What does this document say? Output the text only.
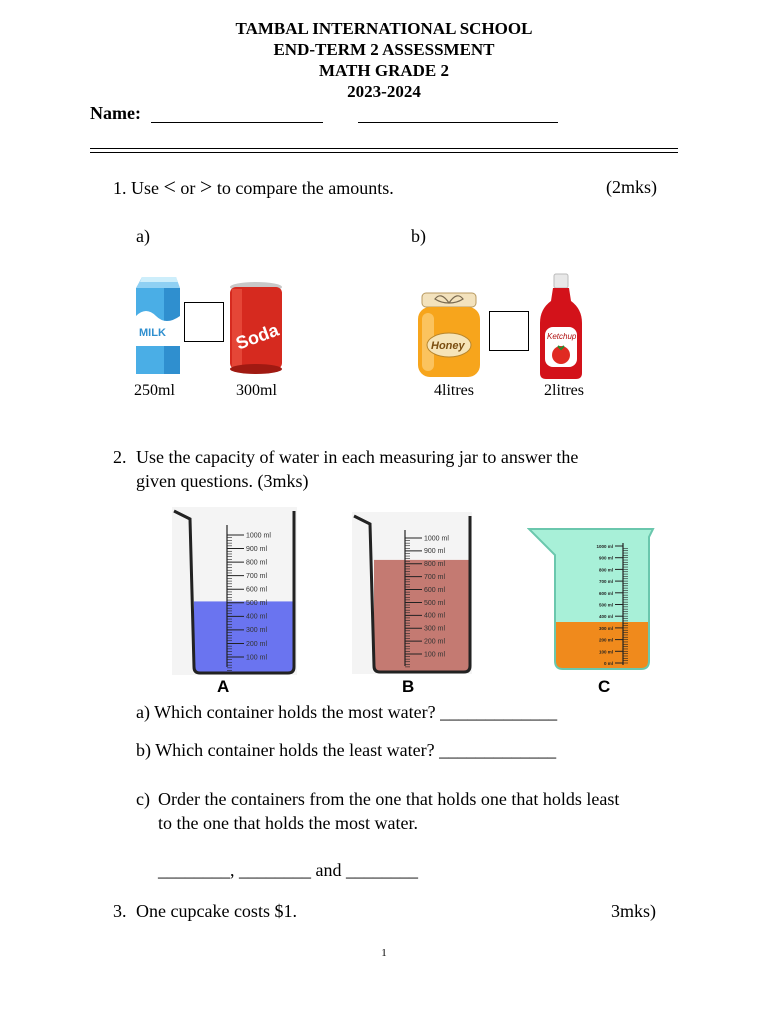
TAMBAL INTERNATIONAL SCHOOL
END-TERM 2 ASSESSMENT
MATH GRADE 2
2023-2024
Name:
1. Use < or > to compare the amounts.	(2mks)
a)	b)
MILK	Soda
250ml	300ml
Honey
Ketchup
4litres	2litres
2. Use the capacity of water in each measuring jar to answer the
given questions. (3mks)
1000 ml
900 ml
800 ml
700 ml
600 ml
500 ml
400 ml
300 ml
200 ml
100 ml
A
1000 ml
900 ml
800 ml
700 ml
600 ml
500 ml
400 ml
300 ml
200 ml
100 ml
B
1000 ml
900 ml
800 ml
700 ml
600 ml
500 ml
400 ml
300 ml
200 ml
100 ml
0 ml
C
a) Which container holds the most water? _____________
b) Which container holds the least water? _____________
c) Order the containers from the one that holds one that holds least
to the one that holds the most water.
________, ________ and ________
3. One cupcake costs $1.	3mks)
1
